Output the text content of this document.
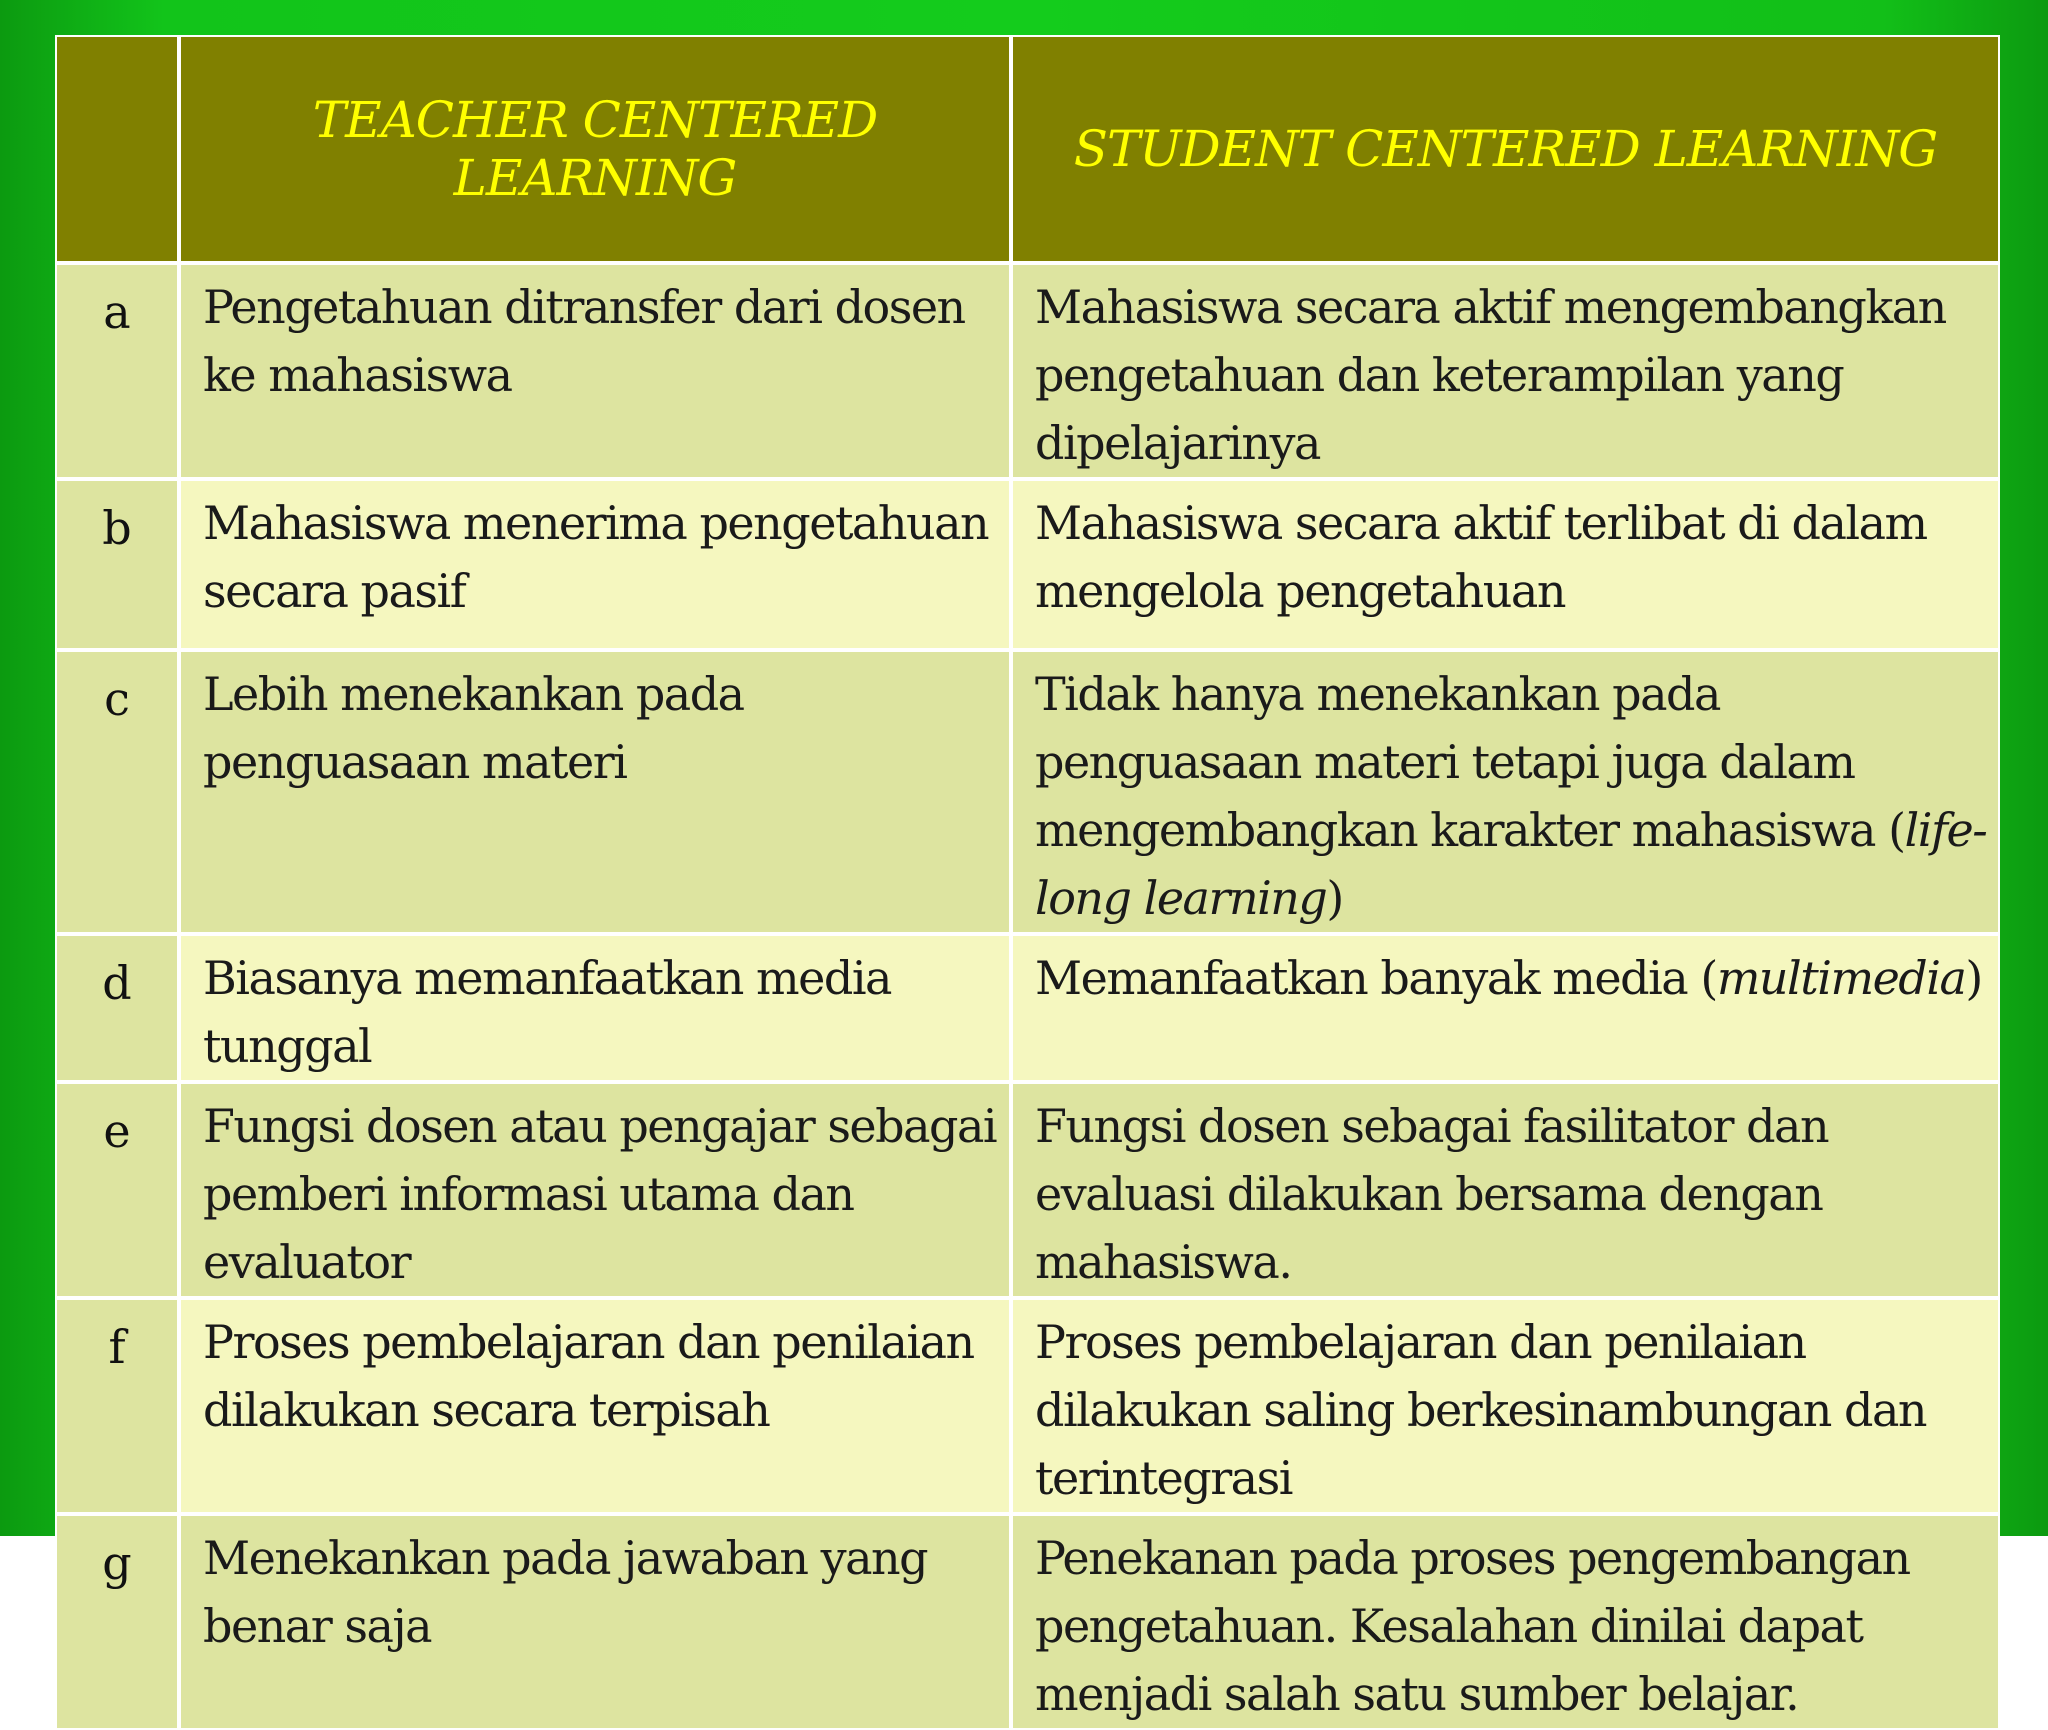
	TEACHER CENTERED LEARNING	STUDENT CENTERED LEARNING
a	Pengetahuan ditransfer dari dosen ke mahasiswa	Mahasiswa secara aktif mengembangkan pengetahuan dan keterampilan yang dipelajarinya
b	Mahasiswa menerima pengetahuan secara pasif	Mahasiswa secara aktif terlibat di dalam mengelola pengetahuan
c	Lebih menekankan pada penguasaan materi	Tidak hanya menekankan pada penguasaan materi tetapi juga dalam mengembangkan karakter mahasiswa (life-long learning)
d	Biasanya memanfaatkan media tunggal	Memanfaatkan banyak media (multimedia)
e	Fungsi dosen atau pengajar sebagai pemberi informasi utama dan evaluator	Fungsi dosen sebagai fasilitator dan evaluasi dilakukan bersama dengan mahasiswa.
f	Proses pembelajaran dan penilaian dilakukan secara terpisah	Proses pembelajaran dan penilaian dilakukan saling berkesinambungan dan terintegrasi
g	Menekankan pada jawaban yang benar saja	Penekanan pada proses pengembangan pengetahuan. Kesalahan dinilai dapat menjadi salah satu sumber belajar.
